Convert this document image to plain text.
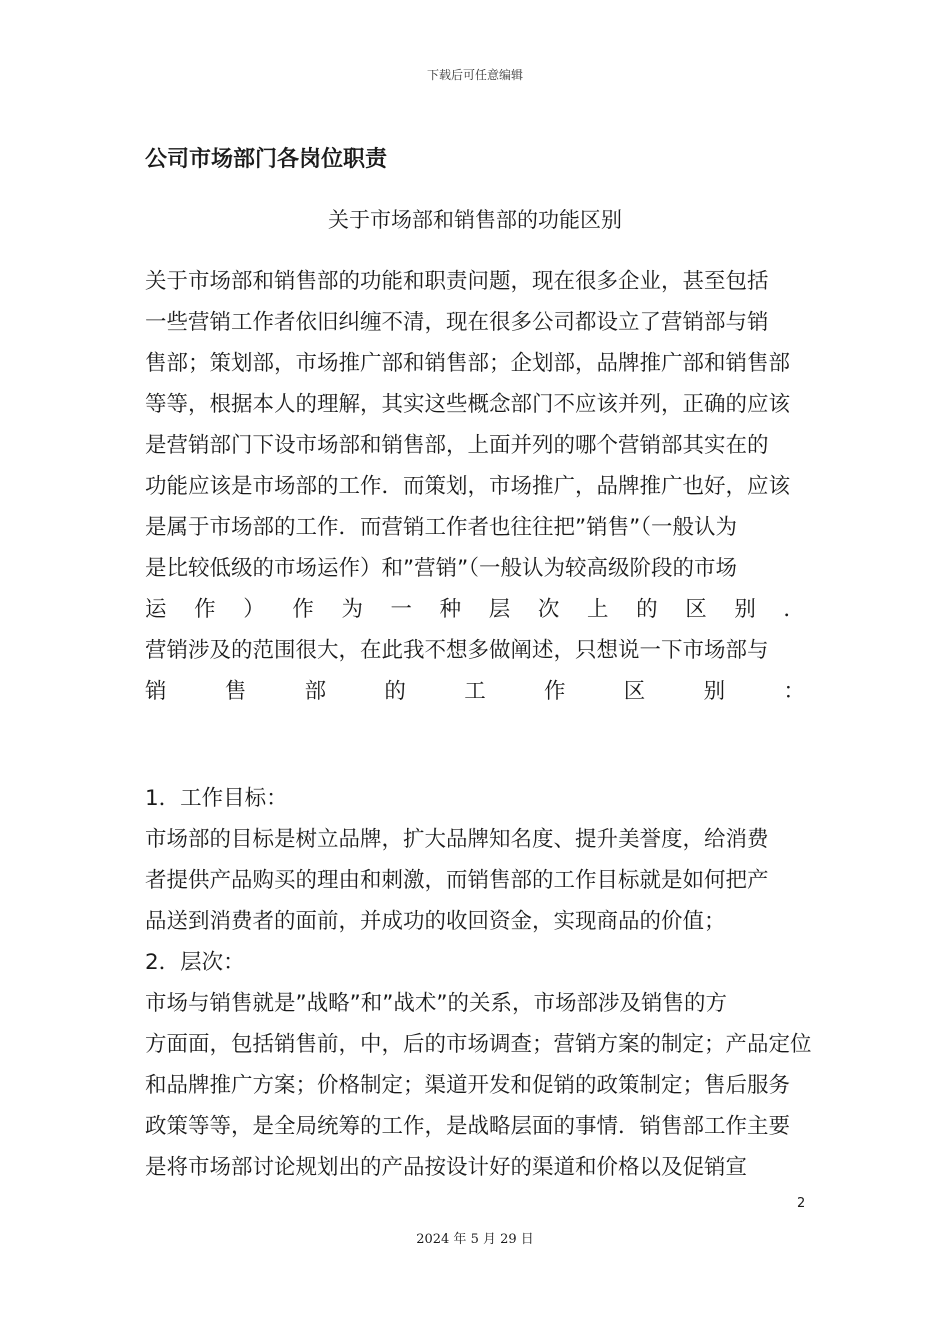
下载后可任意编辑
公司市场部门各岗位职责
关于市场部和销售部的功能区别
关于市场部和销售部的功能和职责问题，现在很多企业，甚至包括
一些营销工作者依旧纠缠不清，现在很多公司都设立了营销部与销
售部；策划部，市场推广部和销售部；企划部，品牌推广部和销售部
等等，根据本人的理解，其实这些概念部门不应该并列，正确的应该
是营销部门下设市场部和销售部，上面并列的哪个营销部其实在的
功能应该是市场部的工作．而策划，市场推广，品牌推广也好，应该
是属于市场部的工作．而营销工作者也往往把”销售”（一般认为
是比较低级的市场运作）和”营销”（一般认为较高级阶段的市场
运 作 ） 作 为 一 种 层 次 上 的 区 别 ．
营销涉及的范围很大，在此我不想多做阐述，只想说一下市场部与
销	售	部	的	工	作	区	别	：
1．工作目标：
市场部的目标是树立品牌，扩大品牌知名度、提升美誉度，给消费
者提供产品购买的理由和刺激，而销售部的工作目标就是如何把产
品送到消费者的面前，并成功的收回资金，实现商品的价值；
2．层次：
市场与销售就是”战略”和”战术”的关系，市场部涉及销售的方
方面面，包括销售前，中，后的市场调查；营销方案的制定；产品定位
和品牌推广方案；价格制定；渠道开发和促销的政策制定；售后服务
政策等等，是全局统筹的工作，是战略层面的事情．销售部工作主要
是将市场部讨论规划出的产品按设计好的渠道和价格以及促销宣
2
2024 年 5 月 29 日
